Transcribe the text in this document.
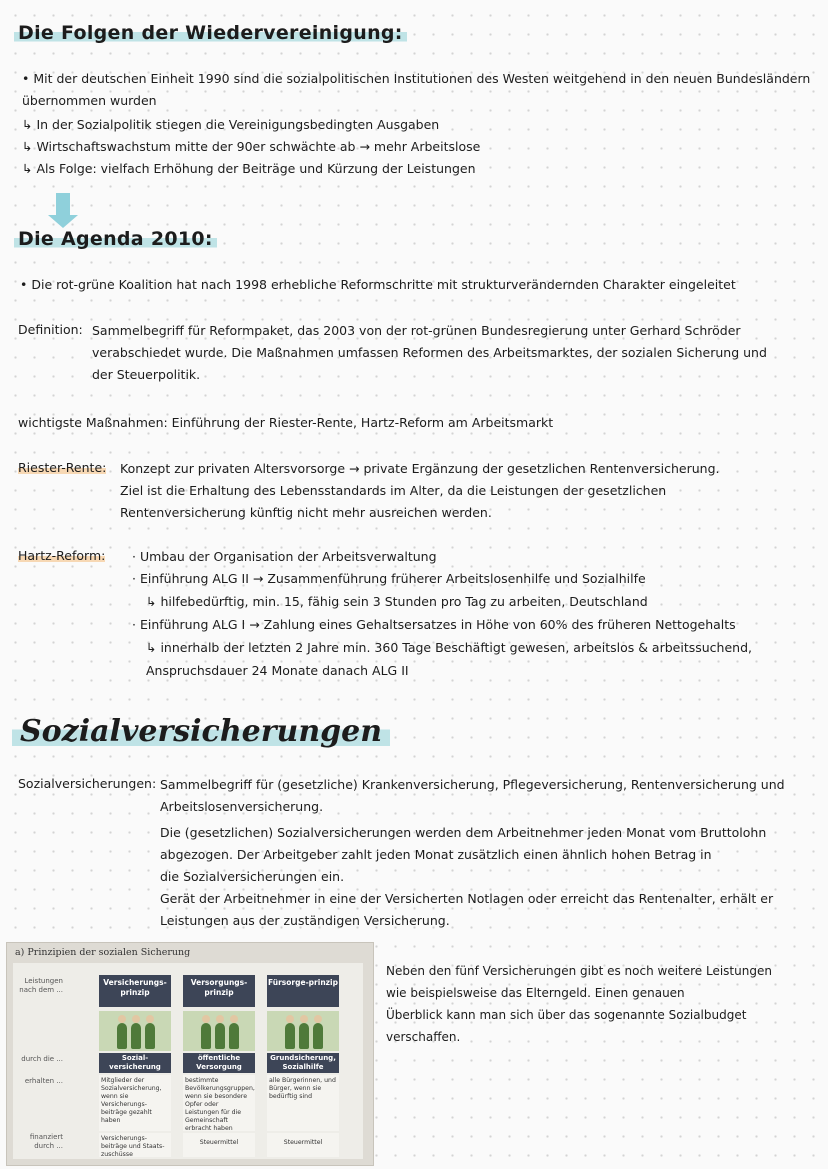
Die Folgen der Wiedervereinigung:
• Mit der deutschen Einheit 1990 sind die sozialpolitischen Institutionen des Westen weitgehend in den neuen Bundesländern
übernommen wurden
↳ In der Sozialpolitik stiegen die Vereinigungsbedingten Ausgaben
↳ Wirtschaftswachstum mitte der 90er schwächte ab → mehr Arbeitslose
↳ Als Folge: vielfach Erhöhung der Beiträge und Kürzung der Leistungen
Die Agenda 2010:
• Die rot-grüne Koalition hat nach 1998 erhebliche Reformschritte mit strukturverändernden Charakter eingeleitet
Definition: Sammelbegriff für Reformpaket, das 2003 von der rot-grünen Bundesregierung unter Gerhard Schröder
verabschiedet wurde. Die Maßnahmen umfassen Reformen des Arbeitsmarktes, der sozialen Sicherung und
der Steuerpolitik.
wichtigste Maßnahmen: Einführung der Riester-Rente, Hartz-Reform am Arbeitsmarkt
Riester-Rente: Konzept zur privaten Altersvorsorge → private Ergänzung der gesetzlichen Rentenversicherung.
Ziel ist die Erhaltung des Lebensstandards im Alter, da die Leistungen der gesetzlichen
Rentenversicherung künftig nicht mehr ausreichen werden.
Hartz-Reform: · Umbau der Organisation der Arbeitsverwaltung
· Einführung ALG II → Zusammenführung früherer Arbeitslosenhilfe und Sozialhilfe
↳ hilfebedürftig, min. 15, fähig sein 3 Stunden pro Tag zu arbeiten, Deutschland
· Einführung ALG I → Zahlung eines Gehaltsersatzes in Höhe von 60% des früheren Nettogehalts
↳ innerhalb der letzten 2 Jahre min. 360 Tage Beschäftigt gewesen, arbeitslos & arbeitssuchend,
Anspruchsdauer 24 Monate danach ALG II
Sozialversicherungen
Sozialversicherungen: Sammelbegriff für (gesetzliche) Krankenversicherung, Pflegeversicherung, Rentenversicherung und
Arbeitslosenversicherung.
Die (gesetzlichen) Sozialversicherungen werden dem Arbeitnehmer jeden Monat vom Bruttolohn
abgezogen. Der Arbeitgeber zahlt jeden Monat zusätzlich einen ähnlich hohen Betrag in
die Sozialversicherungen ein.
Gerät der Arbeitnehmer in eine der Versicherten Notlagen oder erreicht das Rentenalter, erhält er
Leistungen aus der zuständigen Versicherung.
a) Prinzipien der sozialen Sicherung
Leistungen nach dem ...
durch die ...
erhalten ...
finanziert durch ...
Versicherungs-prinzip
Sozial-versicherung
Mitglieder der Sozialversicherung, wenn sie Versicherungs-beiträge gezahlt haben
Versicherungs-beiträge und Staats-zuschüsse
Versorgungs-prinzip
öffentliche Versorgung
bestimmte Bevölkerungsgruppen, wenn sie besondere Opfer oder Leistungen für die Gemeinschaft erbracht haben
Steuermittel
Fürsorge-prinzip
Grundsicherung, Sozialhilfe
alle Bürgerinnen, und Bürger, wenn sie bedürftig sind
Steuermittel
Neben den fünf Versicherungen gibt es noch weitere Leistungen
wie beispielsweise das Elterngeld. Einen genauen
Überblick kann man sich über das sogenannte Sozialbudget
verschaffen.
